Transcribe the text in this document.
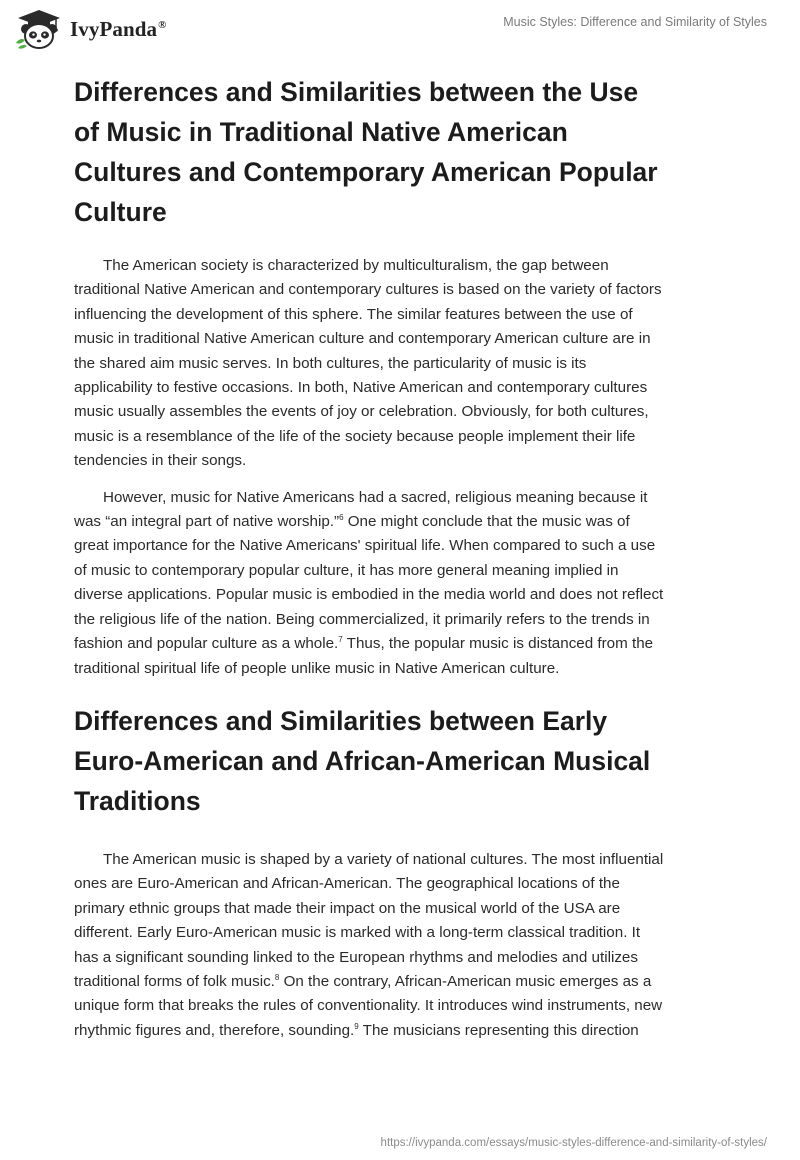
IvyPanda®	Music Styles: Difference and Similarity of Styles
Differences and Similarities between the Use
of Music in Traditional Native American
Cultures and Contemporary American Popular
Culture

The American society is characterized by multiculturalism, the gap between
traditional Native American and contemporary cultures is based on the variety of factors
influencing the development of this sphere. The similar features between the use of
music in traditional Native American culture and contemporary American culture are in
the shared aim music serves. In both cultures, the particularity of music is its
applicability to festive occasions. In both, Native American and contemporary cultures
music usually assembles the events of joy or celebration. Obviously, for both cultures,
music is a resemblance of the life of the society because people implement their life
tendencies in their songs.

However, music for Native Americans had a sacred, religious meaning because it
was “an integral part of native worship.”$^6$ One might conclude that the music was of
great importance for the Native Americans' spiritual life. When compared to such a use
of music to contemporary popular culture, it has more general meaning implied in
diverse applications. Popular music is embodied in the media world and does not reflect
the religious life of the nation. Being commercialized, it primarily refers to the trends in
fashion and popular culture as a whole.$^7$ Thus, the popular music is distanced from the
traditional spiritual life of people unlike music in Native American culture.

Differences and Similarities between Early
Euro-American and African-American Musical
Traditions

The American music is shaped by a variety of national cultures. The most influential
ones are Euro-American and African-American. The geographical locations of the
primary ethnic groups that made their impact on the musical world of the USA are
different. Early Euro-American music is marked with a long-term classical tradition. It
has a significant sounding linked to the European rhythms and melodies and utilizes
traditional forms of folk music.$^8$ On the contrary, African-American music emerges as a
unique form that breaks the rules of conventionality. It introduces wind instruments, new
rhythmic figures and, therefore, sounding.$^9$ The musicians representing this direction

https://ivypanda.com/essays/music-styles-difference-and-similarity-of-styles/
